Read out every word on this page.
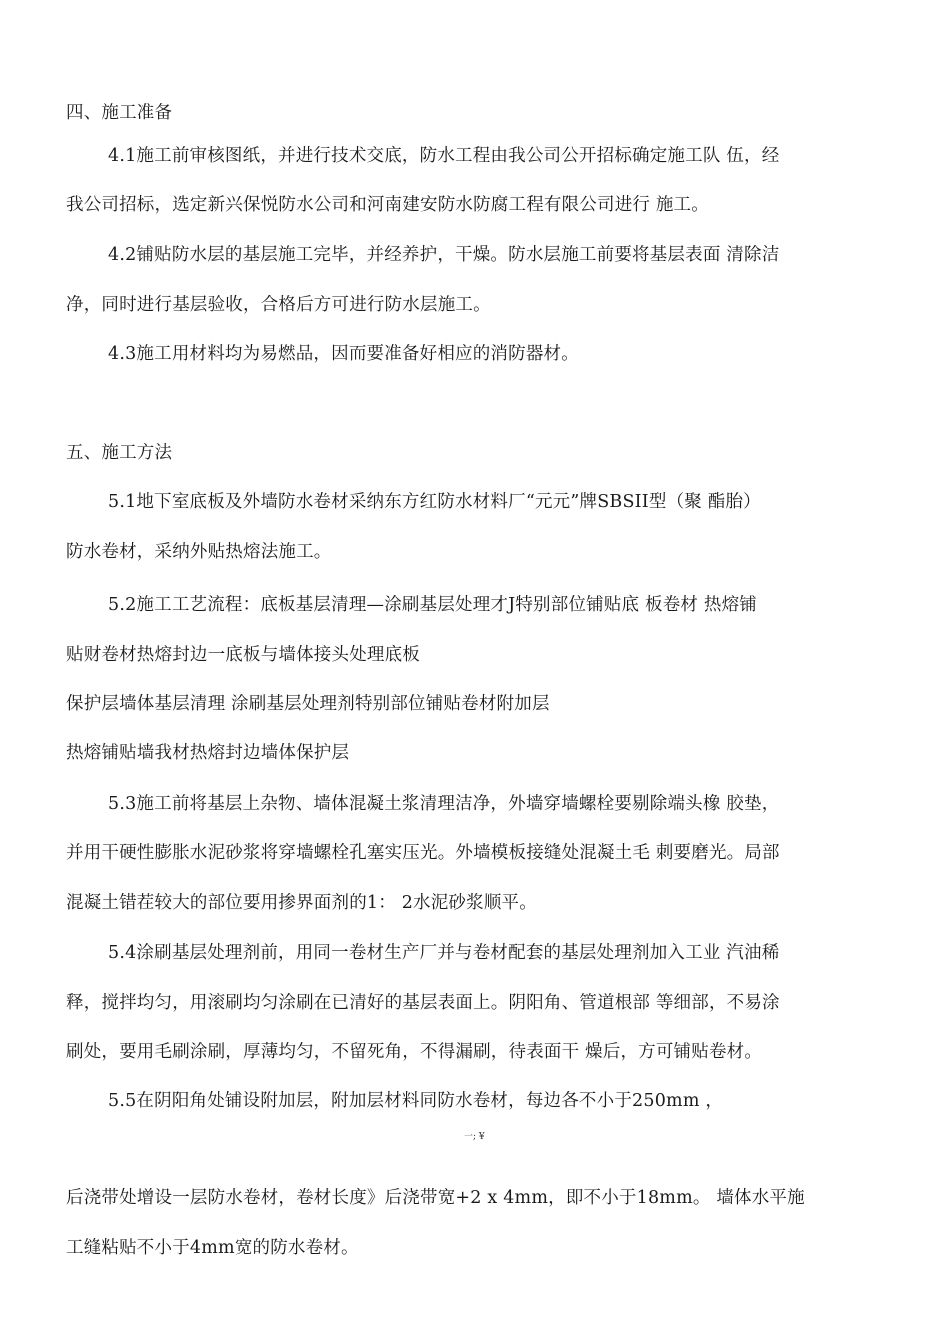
四、施工准备
4.1施工前审核图纸，并进行技术交底，防水工程由我公司公开招标确定施工队 伍，经
我公司招标，选定新兴保悦防水公司和河南建安防水防腐工程有限公司进行 施工。
4.2铺贴防水层的基层施工完毕，并经养护，干燥。防水层施工前要将基层表面 清除洁
净，同时进行基层验收，合格后方可进行防水层施工。
4.3施工用材料均为易燃品，因而要准备好相应的消防器材。
五、施工方法
5.1地下室底板及外墙防水卷材采纳东方红防水材料厂“元元”牌SBSII型（聚 酯胎）
防水卷材，采纳外贴热熔法施工。
5.2施工工艺流程：底板基层清理—涂刷基层处理才J特别部位铺贴底 板卷材 热熔铺
贴财卷材热熔封边一底板与墙体接头处理底板
保护层墙体基层清理 涂刷基层处理剂特别部位铺贴卷材附加层
热熔铺贴墙我材热熔封边墙体保护层
5.3施工前将基层上杂物、墙体混凝土浆清理洁净，外墙穿墙螺栓要剔除端头橡 胶垫，
并用干硬性膨胀水泥砂浆将穿墙螺栓孔塞实压光。外墙模板接缝处混凝土毛 刺要磨光。局部
混凝土错茬较大的部位要用掺界面剂的1： 2水泥砂浆顺平。
5.4涂刷基层处理剂前，用同一卷材生产厂并与卷材配套的基层处理剂加入工业 汽油稀
释，搅拌均匀，用滚刷均匀涂刷在已清好的基层表面上。阴阳角、管道根部 等细部，不易涂
刷处，要用毛刷涂刷，厚薄均匀，不留死角，不得漏刷，待表面干 燥后，方可铺贴卷材。
5.5在阴阳角处铺设附加层，附加层材料同防水卷材，每边各不小于250mm ，
一; ¥
后浇带处增设一层防水卷材，卷材长度》后浇带宽+2 x 4mm，即不小于18mm。 墙体水平施
工缝粘贴不小于4mm宽的防水卷材。
